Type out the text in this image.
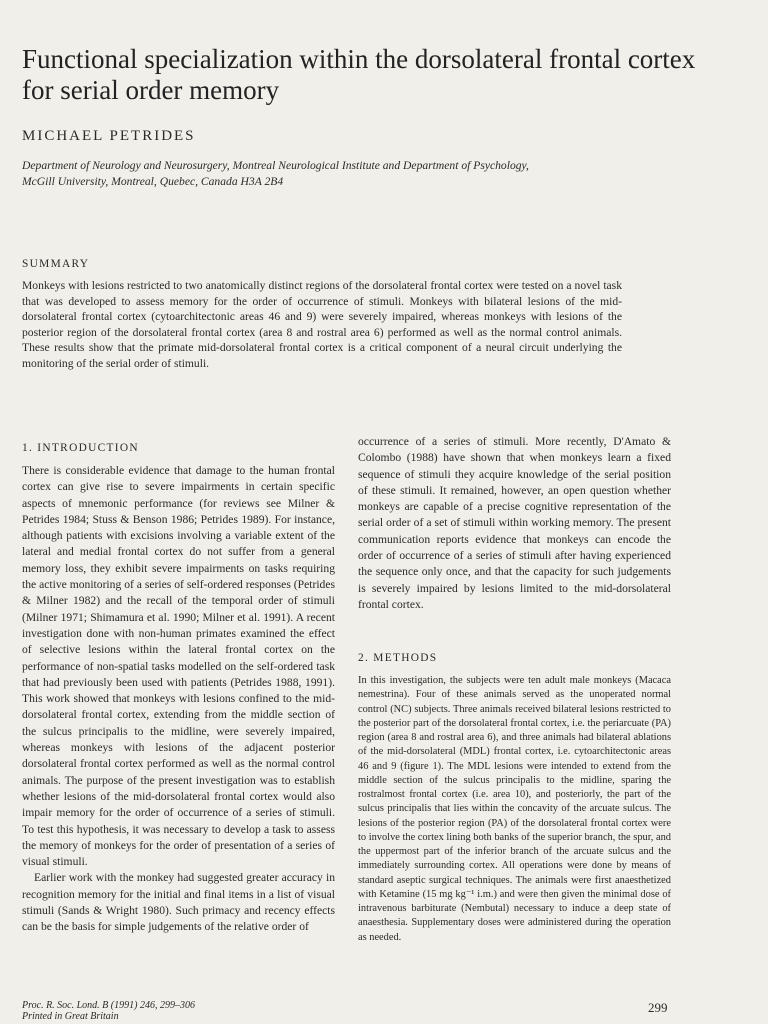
Functional specialization within the dorsolateral frontal cortex for serial order memory
MICHAEL PETRIDES
Department of Neurology and Neurosurgery, Montreal Neurological Institute and Department of Psychology,
McGill University, Montreal, Quebec, Canada H3A 2B4
SUMMARY

Monkeys with lesions restricted to two anatomically distinct regions of the dorsolateral frontal cortex were tested on a novel task that was developed to assess memory for the order of occurrence of stimuli. Monkeys with bilateral lesions of the mid-dorsolateral frontal cortex (cytoarchitectonic areas 46 and 9) were severely impaired, whereas monkeys with lesions of the posterior region of the dorsolateral frontal cortex (area 8 and rostral area 6) performed as well as the normal control animals. These results show that the primate mid-dorsolateral frontal cortex is a critical component of a neural circuit underlying the monitoring of the serial order of stimuli.

1. INTRODUCTION

There is considerable evidence that damage to the human frontal cortex can give rise to severe impairments in certain specific aspects of mnemonic performance (for reviews see Milner & Petrides 1984; Stuss & Benson 1986; Petrides 1989). For instance, although patients with excisions involving a variable extent of the lateral and medial frontal cortex do not suffer from a general memory loss, they exhibit severe impairments on tasks requiring the active monitoring of a series of self-ordered responses (Petrides & Milner 1982) and the recall of the temporal order of stimuli (Milner 1971; Shimamura et al. 1990; Milner et al. 1991). A recent investigation done with non-human primates examined the effect of selective lesions within the lateral frontal cortex on the performance of non-spatial tasks modelled on the self-ordered task that had previously been used with patients (Petrides 1988, 1991). This work showed that monkeys with lesions confined to the mid-dorsolateral frontal cortex, extending from the middle section of the sulcus principalis to the midline, were severely impaired, whereas monkeys with lesions of the adjacent posterior dorsolateral frontal cortex performed as well as the normal control animals. The purpose of the present investigation was to establish whether lesions of the mid-dorsolateral frontal cortex would also impair memory for the order of occurrence of a series of stimuli. To test this hypothesis, it was necessary to develop a task to assess the memory of monkeys for the order of presentation of a series of visual stimuli.

Earlier work with the monkey had suggested greater accuracy in recognition memory for the initial and final items in a list of visual stimuli (Sands & Wright 1980). Such primacy and recency effects can be the basis for simple judgements of the relative order of

occurrence of a series of stimuli. More recently, D'Amato & Colombo (1988) have shown that when monkeys learn a fixed sequence of stimuli they acquire knowledge of the serial position of these stimuli. It remained, however, an open question whether monkeys are capable of a precise cognitive representation of the serial order of a set of stimuli within working memory. The present communication reports evidence that monkeys can encode the order of occurrence of a series of stimuli after having experienced the sequence only once, and that the capacity for such judgements is severely impaired by lesions limited to the mid-dorsolateral frontal cortex.

2. METHODS

In this investigation, the subjects were ten adult male monkeys (Macaca nemestrina). Four of these animals served as the unoperated normal control (NC) subjects. Three animals received bilateral lesions restricted to the posterior part of the dorsolateral frontal cortex, i.e. the periarcuate (PA) region (area 8 and rostral area 6), and three animals had bilateral ablations of the mid-dorsolateral (MDL) frontal cortex, i.e. cytoarchitectonic areas 46 and 9 (figure 1). The MDL lesions were intended to extend from the middle section of the sulcus principalis to the midline, sparing the rostralmost frontal cortex (i.e. area 10), and posteriorly, the part of the sulcus principalis that lies within the concavity of the arcuate sulcus. The lesions of the posterior region (PA) of the dorsolateral frontal cortex were to involve the cortex lining both banks of the superior branch, the spur, and the uppermost part of the inferior branch of the arcuate sulcus and the immediately surrounding cortex. All operations were done by means of standard aseptic surgical techniques. The animals were first anaesthetized with Ketamine (15 mg kg⁻¹ i.m.) and were then given the minimal dose of intravenous barbiturate (Nembutal) necessary to induce a deep state of anaesthesia. Supplementary doses were administered during the operation as needed.

Proc. R. Soc. Lond. B (1991) 246, 299–306
Printed in Great Britain
299
